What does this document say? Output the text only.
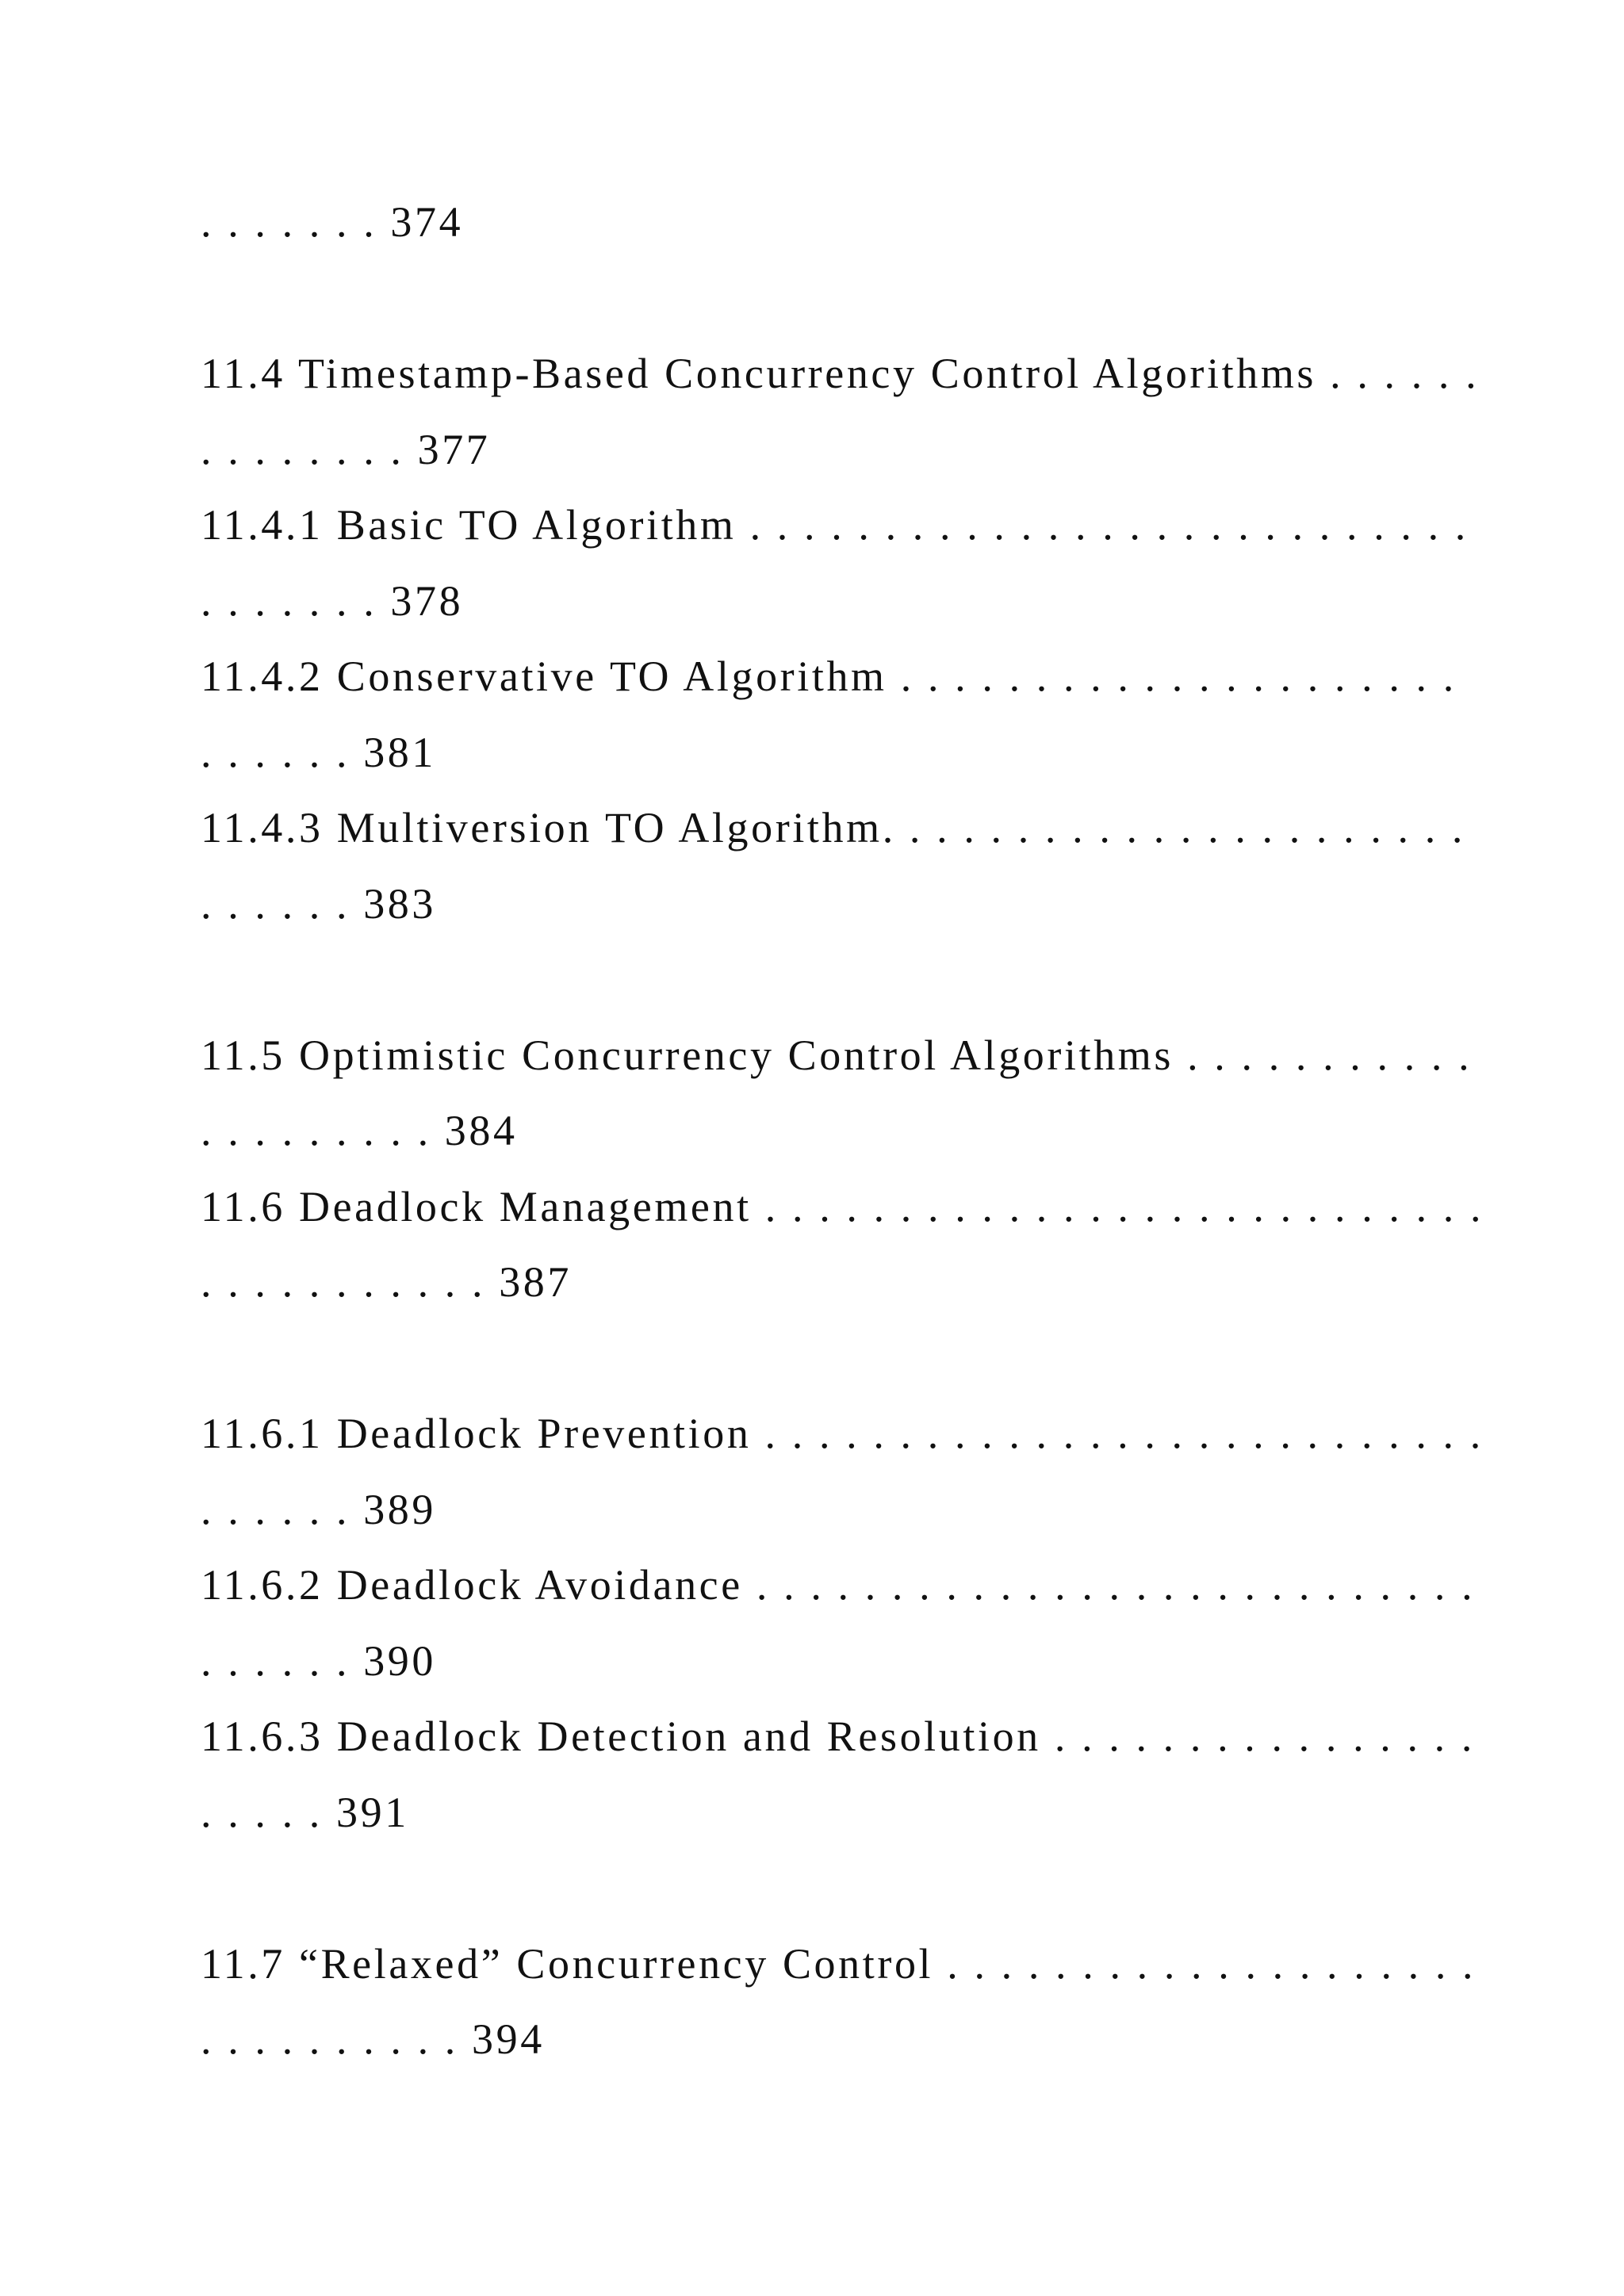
. . . . . . . 374
11.4 Timestamp-Based Concurrency Control Algorithms . . . . . .
. . . . . . . . 377
11.4.1 Basic TO Algorithm . . . . . . . . . . . . . . . . . . . . . . . . . . .
. . . . . . . 378
11.4.2 Conservative TO Algorithm . . . . . . . . . . . . . . . . . . . . .
. . . . . . 381
11.4.3 Multiversion TO Algorithm. . . . . . . . . . . . . . . . . . . . . .
. . . . . . 383
11.5 Optimistic Concurrency Control Algorithms . . . . . . . . . . .
. . . . . . . . . 384
11.6 Deadlock Management . . . . . . . . . . . . . . . . . . . . . . . . . . .
. . . . . . . . . . . 387
11.6.1 Deadlock Prevention . . . . . . . . . . . . . . . . . . . . . . . . . . .
. . . . . . 389
11.6.2 Deadlock Avoidance . . . . . . . . . . . . . . . . . . . . . . . . . . .
. . . . . . 390
11.6.3 Deadlock Detection and Resolution . . . . . . . . . . . . . . . .
. . . . . 391
11.7 “Relaxed” Concurrency Control . . . . . . . . . . . . . . . . . . . .
. . . . . . . . . . 394
